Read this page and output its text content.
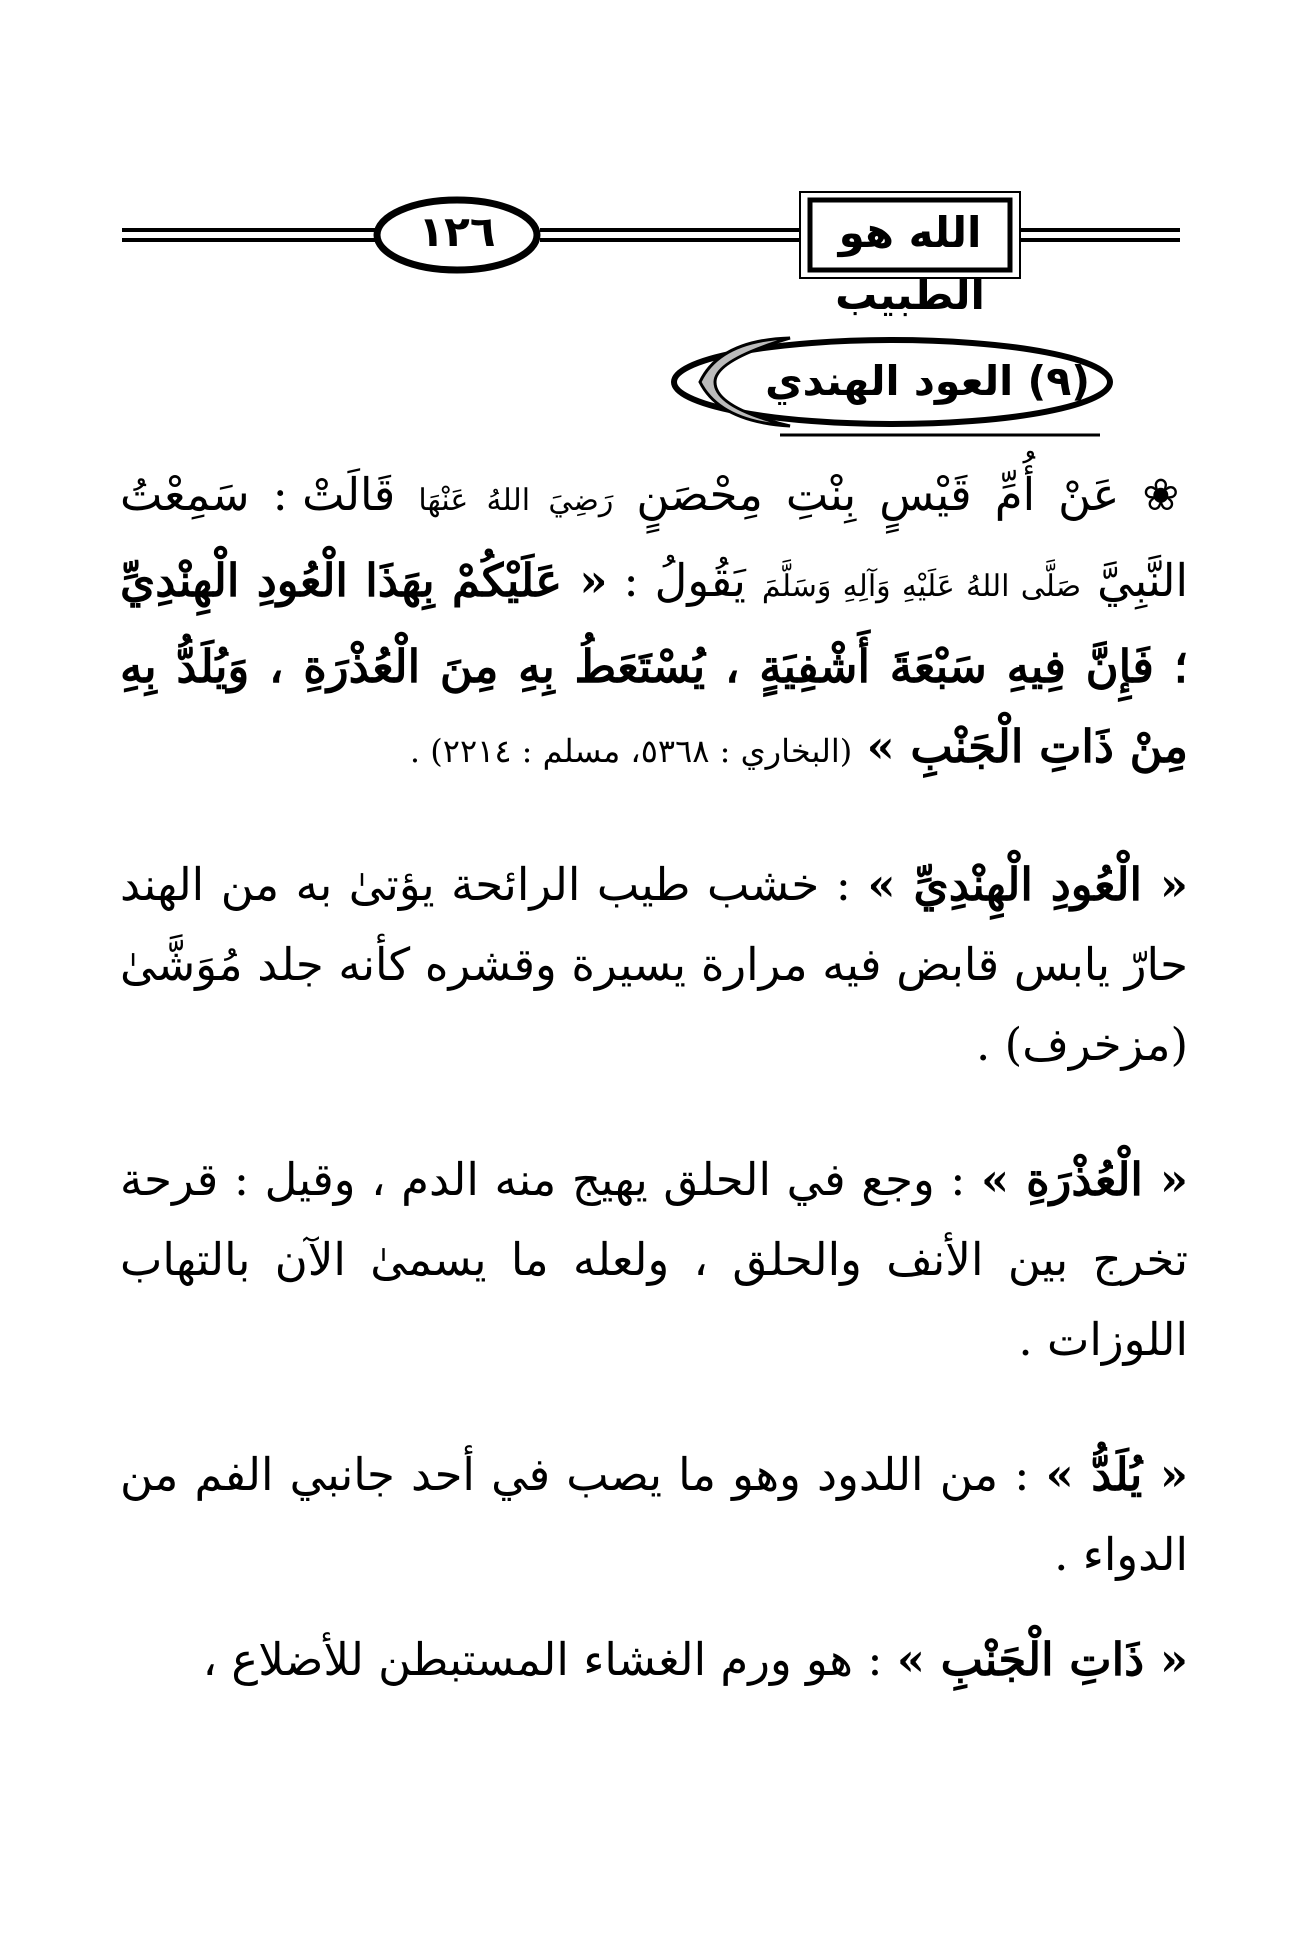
الله هو الطبيب
١٢٦
(٩) العود الهندي
❀ عَنْ أُمِّ قَيْسٍ بِنْتِ مِحْصَنٍ رَضِيَ اللهُ عَنْهَا قَالَتْ : سَمِعْتُ النَّبِيَّ صَلَّى اللهُ عَلَيْهِ وَآلِهِ وَسَلَّمَ يَقُولُ : « عَلَيْكُمْ بِهَذَا الْعُودِ الْهِنْدِيِّ ؛ فَإِنَّ فِيهِ سَبْعَةَ أَشْفِيَةٍ ، يُسْتَعَطُ بِهِ مِنَ الْعُذْرَةِ ، وَيُلَدُّ بِهِ مِنْ ذَاتِ الْجَنْبِ » (البخاري : ٥٣٦٨، مسلم : ٢٢١٤) .
« الْعُودِ الْهِنْدِيِّ » : خشب طيب الرائحة يؤتىٰ به من الهند حارّ يابس قابض فيه مرارة يسيرة وقشره كأنه جلد مُوَشَّىٰ (مزخرف) .
« الْعُذْرَةِ » : وجع في الحلق يهيج منه الدم ، وقيل : قرحة تخرج بين الأنف والحلق ، ولعله ما يسمىٰ الآن بالتهاب اللوزات .
« يُلَدُّ » : من اللدود وهو ما يصب في أحد جانبي الفم من الدواء .
« ذَاتِ الْجَنْبِ » : هو ورم الغشاء المستبطن للأضلاع ،
